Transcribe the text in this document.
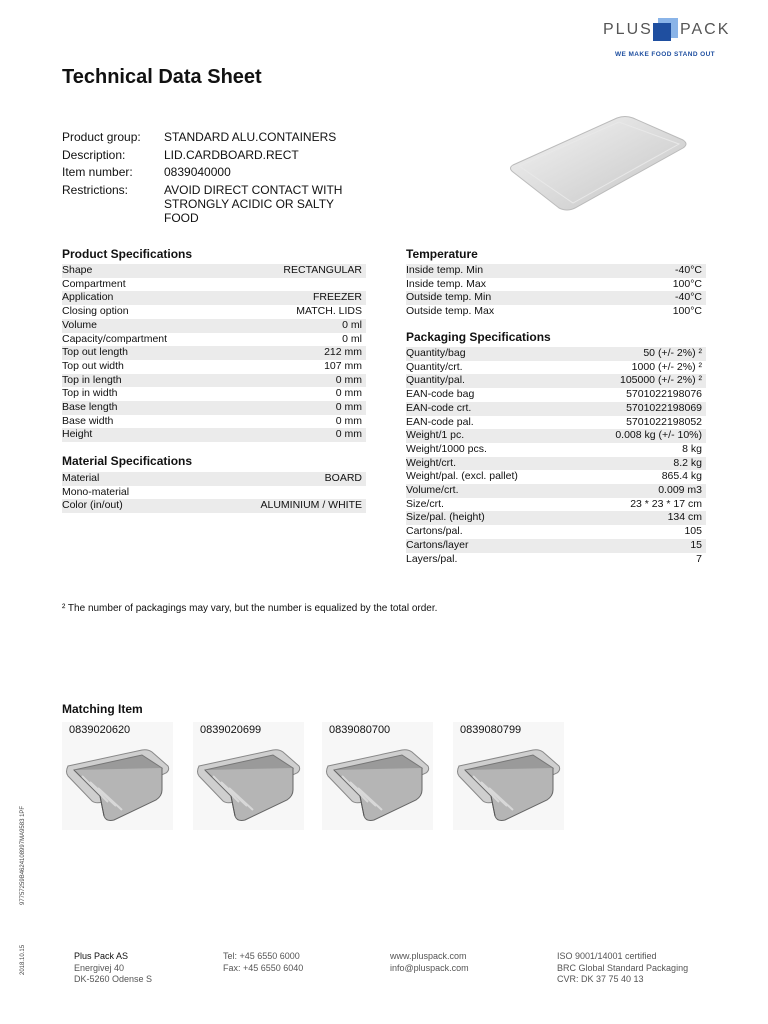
PLUS PACK
WE MAKE FOOD STAND OUT
Technical Data Sheet
Product group:	STANDARD ALU.CONTAINERS
Description:	LID.CARDBOARD.RECT
Item number:	0839040000
Restrictions:	AVOID DIRECT CONTACT WITH STRONGLY ACIDIC OR SALTY FOOD
Product Specifications
Shape	RECTANGULAR
Compartment	
Application	FREEZER
Closing option	MATCH. LIDS
Volume	0 ml
Capacity/compartment	0 ml
Top out length	212 mm
Top out width	107 mm
Top in length	0 mm
Top in width	0 mm
Base length	0 mm
Base width	0 mm
Height	0 mm
Material Specifications
Material	BOARD
Mono-material	
Color (in/out)	ALUMINIUM / WHITE
Temperature
Inside temp. Min	-40°C
Inside temp. Max	100°C
Outside temp. Min	-40°C
Outside temp. Max	100°C
Packaging Specifications
Quantity/bag	50 (+/- 2%) ²
Quantity/crt.	1000 (+/- 2%) ²
Quantity/pal.	105000 (+/- 2%) ²
EAN-code bag	5701022198076
EAN-code crt.	5701022198069
EAN-code pal.	5701022198052
Weight/1 pc.	0.008 kg (+/- 10%)
Weight/1000 pcs.	8 kg
Weight/crt.	8.2 kg
Weight/pal. (excl. pallet)	865.4 kg
Volume/crt.	0.009 m3
Size/crt.	23 * 23 * 17 cm
Size/pal. (height)	134 cm
Cartons/pal.	105
Cartons/layer	15
Layers/pal.	7
² The number of packagings may vary, but the number is equalized by the total order.
Matching Item
0839020620	0839020699	0839080700	0839080799
97757259B4624108997MA9583 1PF
2018.10.15	Plus Pack AS
Energivej 40
DK-5260 Odense S
Tel: +45 6550 6000
Fax: +45 6550 6040
www.pluspack.com
info@pluspack.com
ISO 9001/14001 certified
BRC Global Standard Packaging
CVR: DK 37 75 40 13
